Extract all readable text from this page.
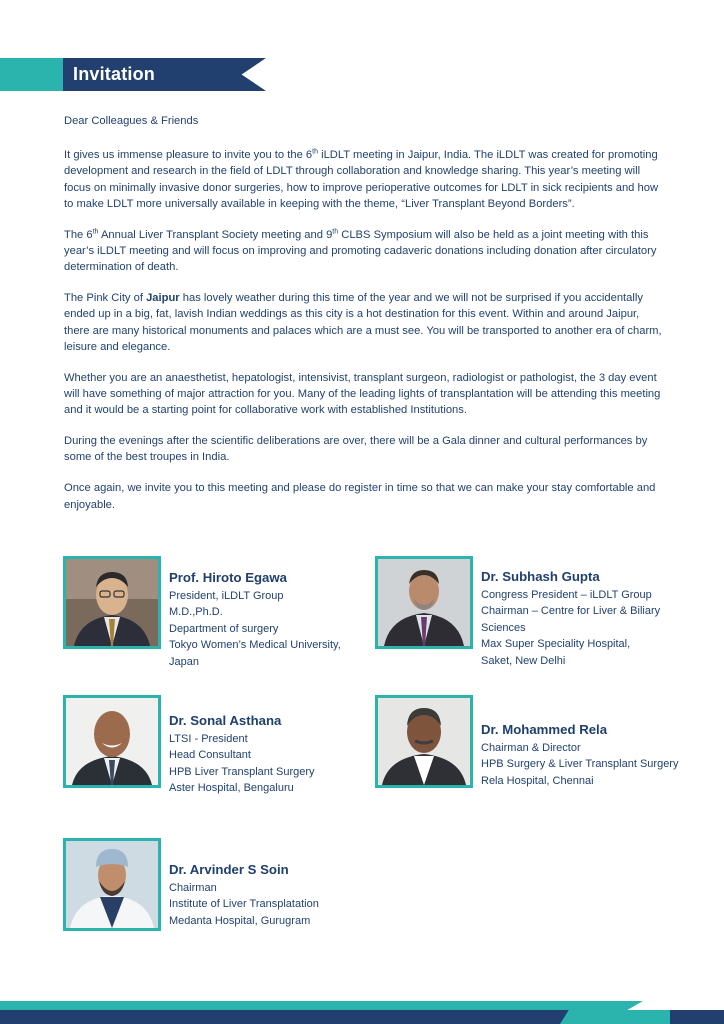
Invitation

Dear Colleagues & Friends

It gives us immense pleasure to invite you to the 6th iLDLT meeting in Jaipur, India. The iLDLT was created for promoting development and research in the field of LDLT through collaboration and knowledge sharing. This year’s meeting will focus on minimally invasive donor surgeries, how to improve perioperative outcomes for LDLT in sick recipients and how to make LDLT more universally available in keeping with the theme, “Liver Transplant Beyond Borders”.

The 6th Annual Liver Transplant Society meeting and 9th CLBS Symposium will also be held as a joint meeting with this year’s iLDLT meeting and will focus on improving and promoting cadaveric donations including donation after circulatory determination of death.

The Pink City of Jaipur has lovely weather during this time of the year and we will not be surprised if you accidentally ended up in a big, fat, lavish Indian weddings as this city is a hot destination for this event. Within and around Jaipur, there are many historical monuments and palaces which are a must see. You will be transported to another era of charm, leisure and elegance.

Whether you are an anaesthetist, hepatologist, intensivist, transplant surgeon, radiologist or pathologist, the 3 day event will have something of major attraction for you. Many of the leading lights of transplantation will be attending this meeting and it would be a starting point for collaborative work with established Institutions.

During the evenings after the scientific deliberations are over, there will be a Gala dinner and cultural performances by some of the best troupes in India.

Once again, we invite you to this meeting and please do register in time so that we can make your stay comfortable and enjoyable.

Prof. Hiroto Egawa
President, iLDLT Group
M.D.,Ph.D.
Department of surgery
Tokyo Women’s Medical University,
Japan
Dr. Subhash Gupta
Congress President – iLDLT Group
Chairman – Centre for Liver & Biliary
Sciences
Max Super Speciality Hospital,
Saket, New Delhi
Dr. Sonal Asthana
LTSI - President
Head Consultant
HPB Liver Transplant Surgery
Aster Hospital, Bengaluru
Dr. Mohammed Rela
Chairman & Director
HPB Surgery & Liver Transplant Surgery
Rela Hospital, Chennai
Dr. Arvinder S Soin
Chairman
Institute of Liver Transplatation
Medanta Hospital, Gurugram
